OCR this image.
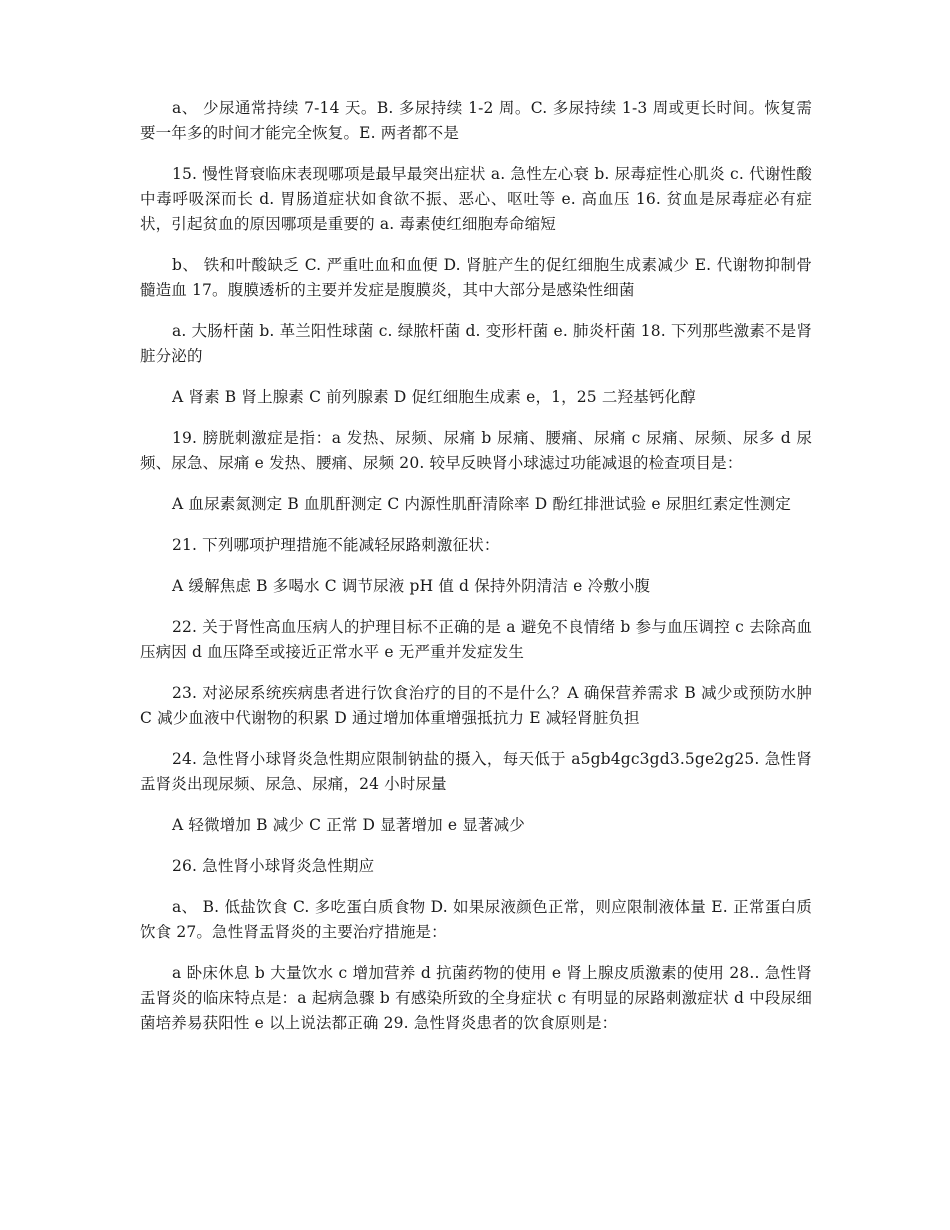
a、 少尿通常持续 7-14 天。B. 多尿持续 1-2 周。C. 多尿持续 1-3 周或更长时间。恢复需要一年多的时间才能完全恢复。E. 两者都不是

15. 慢性肾衰临床表现哪项是最早最突出症状 a. 急性左心衰 b. 尿毒症性心肌炎 c. 代谢性酸中毒呼吸深而长 d. 胃肠道症状如食欲不振、恶心、呕吐等 e. 高血压 16. 贫血是尿毒症必有症状，引起贫血的原因哪项是重要的 a. 毒素使红细胞寿命缩短

b、 铁和叶酸缺乏 C. 严重吐血和血便 D. 肾脏产生的促红细胞生成素减少 E. 代谢物抑制骨髓造血 17。腹膜透析的主要并发症是腹膜炎，其中大部分是感染性细菌

a. 大肠杆菌 b. 革兰阳性球菌 c. 绿脓杆菌 d. 变形杆菌 e. 肺炎杆菌 18. 下列那些激素不是肾脏分泌的

A 肾素 B 肾上腺素 C 前列腺素 D 促红细胞生成素 e，1，25 二羟基钙化醇

19. 膀胱刺激症是指：a 发热、尿频、尿痛 b 尿痛、腰痛、尿痛 c 尿痛、尿频、尿多 d 尿频、尿急、尿痛 e 发热、腰痛、尿频 20. 较早反映肾小球滤过功能减退的检查项目是：

A 血尿素氮测定 B 血肌酐测定 C 内源性肌酐清除率 D 酚红排泄试验 e 尿胆红素定性测定

21. 下列哪项护理措施不能减轻尿路刺激征状：

A 缓解焦虑 B 多喝水 C 调节尿液 pH 值 d 保持外阴清洁 e 冷敷小腹

22. 关于肾性高血压病人的护理目标不正确的是 a 避免不良情绪 b 参与血压调控 c 去除高血压病因 d 血压降至或接近正常水平 e 无严重并发症发生

23. 对泌尿系统疾病患者进行饮食治疗的目的不是什么？A 确保营养需求 B 减少或预防水肿 C 减少血液中代谢物的积累 D 通过增加体重增强抵抗力 E 减轻肾脏负担

24. 急性肾小球肾炎急性期应限制钠盐的摄入，每天低于 a5gb4gc3gd3.5ge2g25. 急性肾盂肾炎出现尿频、尿急、尿痛，24 小时尿量

A 轻微增加 B 减少 C 正常 D 显著增加 e 显著减少

26. 急性肾小球肾炎急性期应

a、 B. 低盐饮食 C. 多吃蛋白质食物 D. 如果尿液颜色正常，则应限制液体量 E. 正常蛋白质饮食 27。急性肾盂肾炎的主要治疗措施是：

a 卧床休息 b 大量饮水 c 增加营养 d 抗菌药物的使用 e 肾上腺皮质激素的使用 28.. 急性肾盂肾炎的临床特点是：a 起病急骤 b 有感染所致的全身症状 c 有明显的尿路刺激症状 d 中段尿细菌培养易获阳性 e 以上说法都正确 29. 急性肾炎患者的饮食原则是：
